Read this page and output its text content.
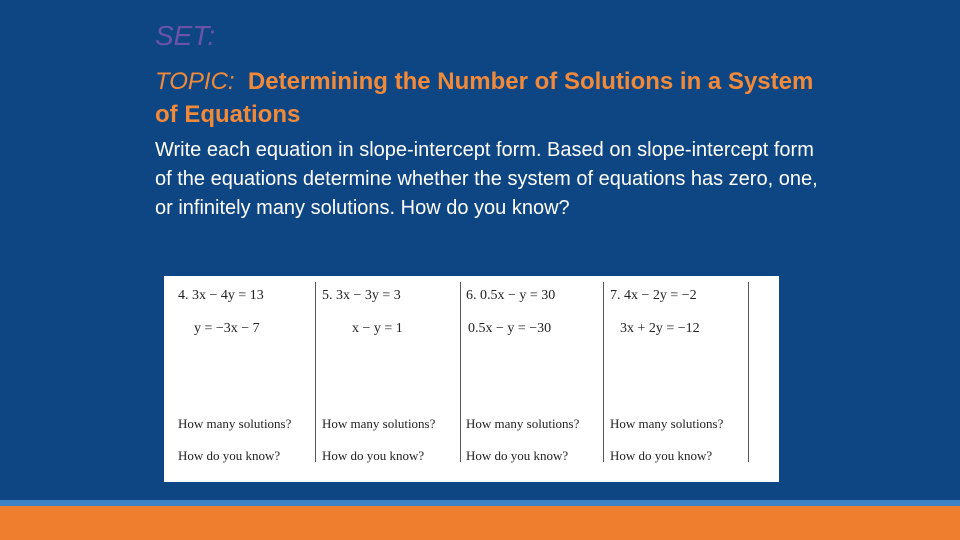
SET:
TOPIC: Determining the Number of Solutions in a System of Equations
Write each equation in slope-intercept form. Based on slope-intercept form of the equations determine whether the system of equations has zero, one, or infinitely many solutions. How do you know?
4. 3x − 4y = 13
y = −3x − 7
How many solutions?
How do you know?
5. 3x − 3y = 3
x − y = 1
How many solutions?
How do you know?
6. 0.5x − y = 30
0.5x − y = −30
How many solutions?
How do you know?
7. 4x − 2y = −2
3x + 2y = −12
How many solutions?
How do you know?
